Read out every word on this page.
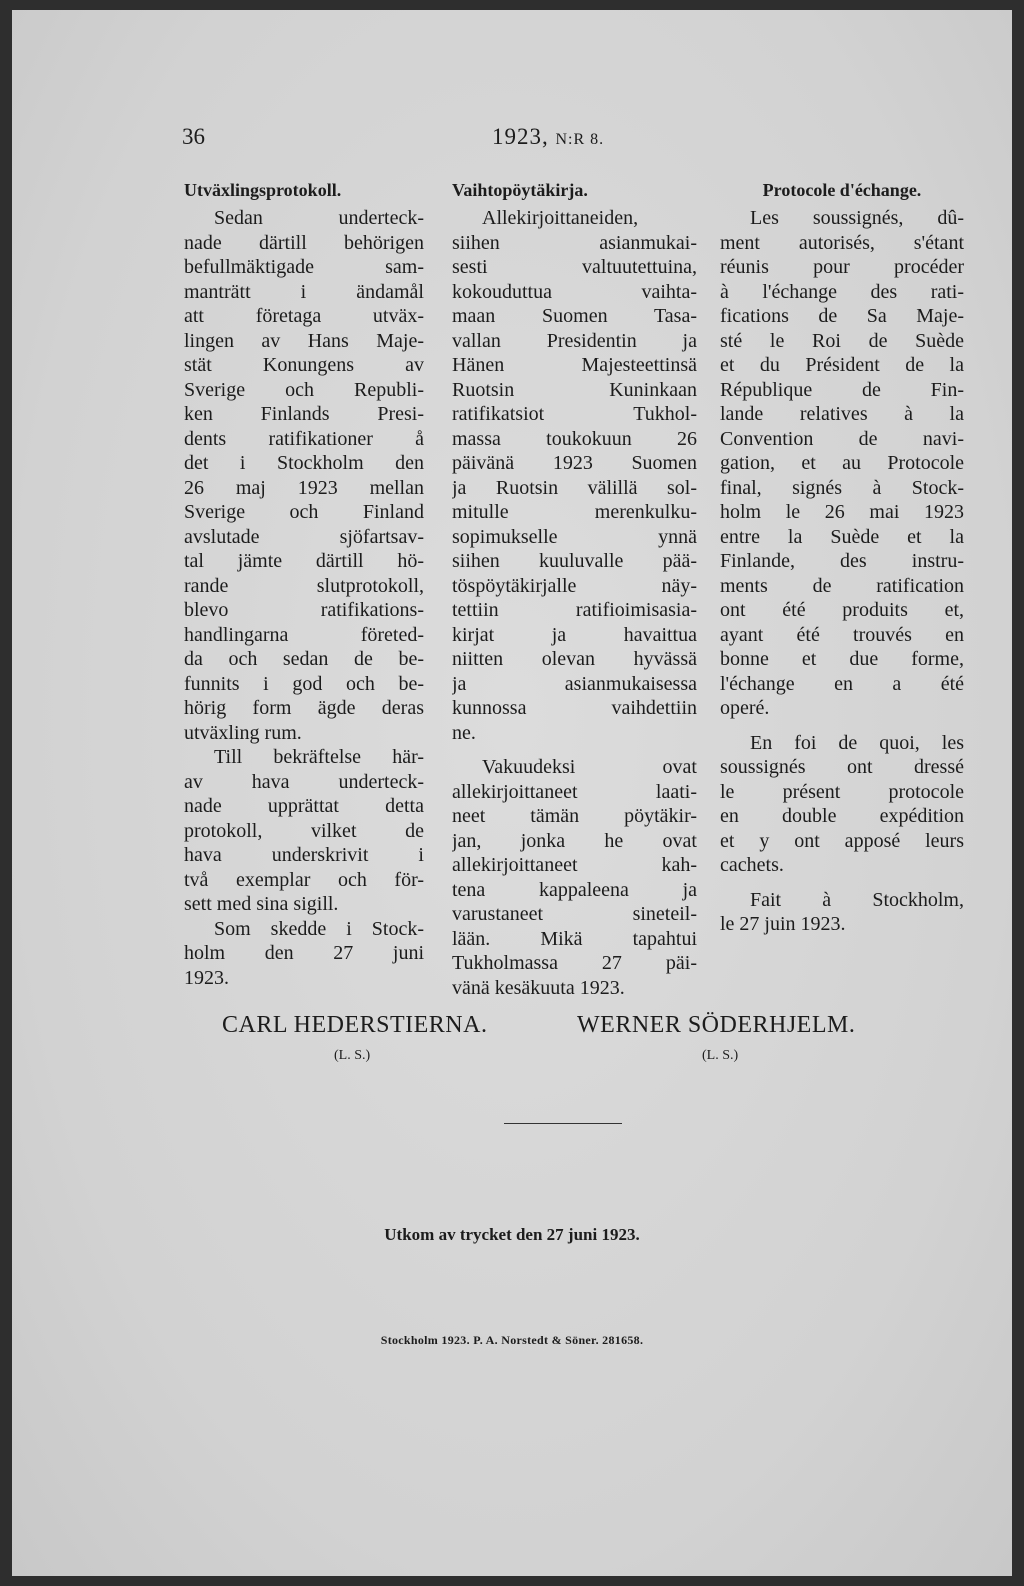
36	1923, N:R 8.
Utväxlingsprotokoll.	Vaihtopöytäkirja.	Protocole d'échange.
Sedan underteck-
nade därtill behörigen
befullmäktigade sam-
manträtt i ändamål
att företaga utväx-
lingen av Hans Maje-
stät Konungens av
Sverige och Republi-
ken Finlands Presi-
dents ratifikationer å
det i Stockholm den
26 maj 1923 mellan
Sverige och Finland
avslutade sjöfartsav-
tal jämte därtill hö-
rande slutprotokoll,
blevo ratifikations-
handlingarna företed-
da och sedan de be-
funnits i god och be-
hörig form ägde deras
utväxling rum.
Till bekräftelse här-
av hava underteck-
nade upprättat detta
protokoll, vilket de
hava underskrivit i
två exemplar och för-
sett med sina sigill.
Som skedde i Stock-
holm den 27 juni
1923.
Allekirjoittaneiden,
siihen asianmukai-
sesti valtuutettuina,
kokouduttua vaihta-
maan Suomen Tasa-
vallan Presidentin ja
Hänen Majesteettinsä
Ruotsin Kuninkaan
ratifikatsiot Tukhol-
massa toukokuun 26
päivänä 1923 Suomen
ja Ruotsin välillä sol-
mitulle merenkulku-
sopimukselle ynnä
siihen kuuluvalle pää-
töspöytäkirjalle näy-
tettiin ratifioimisasia-
kirjat ja havaittua
niitten olevan hyvässä
ja asianmukaisessa
kunnossa vaihdettiin
ne.
Vakuudeksi ovat
allekirjoittaneet laati-
neet tämän pöytäkir-
jan, jonka he ovat
allekirjoittaneet kah-
tena kappaleena ja
varustaneet sineteil-
lään. Mikä tapahtui
Tukholmassa 27 päi-
vänä kesäkuuta 1923.
Les soussignés, dû-
ment autorisés, s'étant
réunis pour procéder
à l'échange des rati-
fications de Sa Maje-
sté le Roi de Suède
et du Président de la
République de Fin-
lande relatives à la
Convention de navi-
gation, et au Protocole
final, signés à Stock-
holm le 26 mai 1923
entre la Suède et la
Finlande, des instru-
ments de ratification
ont été produits et,
ayant été trouvés en
bonne et due forme,
l'échange en a été
operé.
En foi de quoi, les
soussignés ont dressé
le présent protocole
en double expédition
et y ont apposé leurs
cachets.
Fait à Stockholm,
le 27 juin 1923.
CARL HEDERSTIERNA.
(L. S.)
WERNER SÖDERHJELM.
(L. S.)
Utkom av trycket den 27 juni 1923.
Stockholm 1923. P. A. Norstedt & Söner. 281658.
